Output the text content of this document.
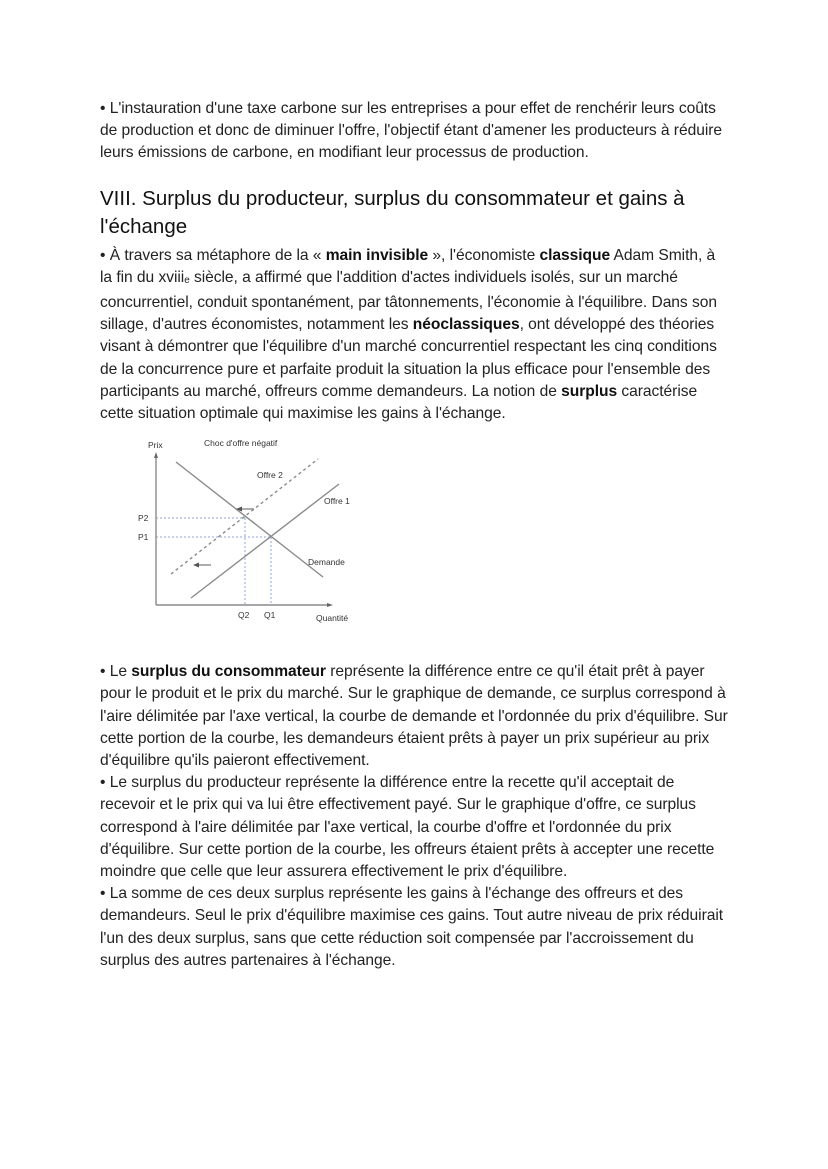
• L'instauration d'une taxe carbone sur les entreprises a pour effet de renchérir leurs coûts de production et donc de diminuer l'offre, l'objectif étant d'amener les producteurs à réduire leurs émissions de carbone, en modifiant leur processus de production.

VIII. Surplus du producteur, surplus du consommateur et gains à l'échange

• À travers sa métaphore de la « main invisible », l'économiste classique Adam Smith, à la fin du xviiie siècle, a affirmé que l'addition d'actes individuels isolés, sur un marché concurrentiel, conduit spontanément, par tâtonnements, l'économie à l'équilibre. Dans son sillage, d'autres économistes, notamment les néoclassiques, ont développé des théories visant à démontrer que l'équilibre d'un marché concurrentiel respectant les cinq conditions de la concurrence pure et parfaite produit la situation la plus efficace pour l'ensemble des participants au marché, offreurs comme demandeurs. La notion de surplus caractérise cette situation optimale qui maximise les gains à l'échange.

Prix	Choc d'offre négatif
Offre 2
Offre 1
Demande
P2
P1
Q2 Q1	Quantité

• Le surplus du consommateur représente la différence entre ce qu'il était prêt à payer pour le produit et le prix du marché. Sur le graphique de demande, ce surplus correspond à l'aire délimitée par l'axe vertical, la courbe de demande et l'ordonnée du prix d'équilibre. Sur cette portion de la courbe, les demandeurs étaient prêts à payer un prix supérieur au prix d'équilibre qu'ils paieront effectivement.

• Le surplus du producteur représente la différence entre la recette qu'il acceptait de recevoir et le prix qui va lui être effectivement payé. Sur le graphique d'offre, ce surplus correspond à l'aire délimitée par l'axe vertical, la courbe d'offre et l'ordonnée du prix d'équilibre. Sur cette portion de la courbe, les offreurs étaient prêts à accepter une recette moindre que celle que leur assurera effectivement le prix d'équilibre.

• La somme de ces deux surplus représente les gains à l'échange des offreurs et des demandeurs. Seul le prix d'équilibre maximise ces gains. Tout autre niveau de prix réduirait l'un des deux surplus, sans que cette réduction soit compensée par l'accroissement du surplus des autres partenaires à l'échange.
